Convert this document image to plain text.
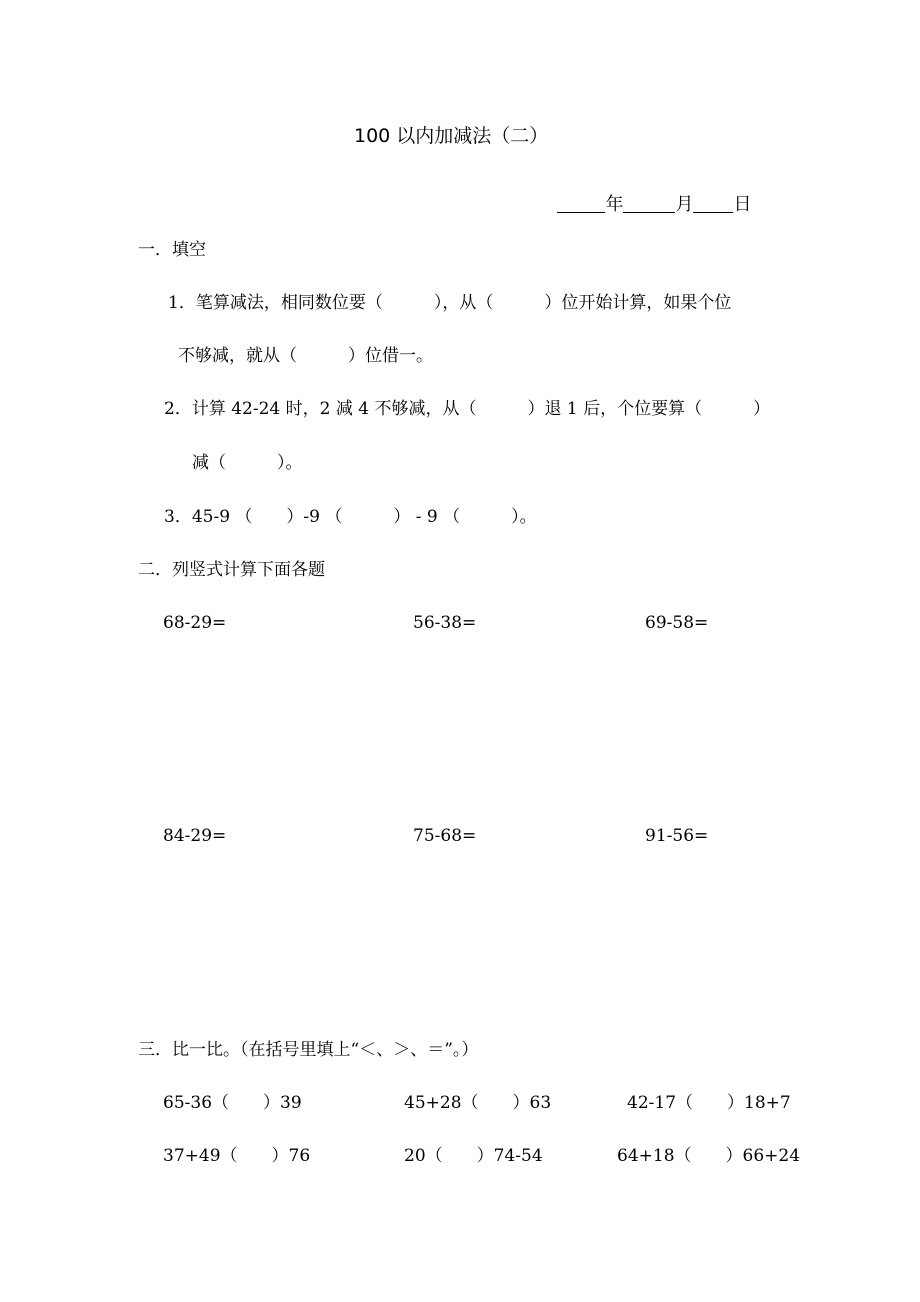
100 以内加减法（二）

年	月 日

一．填空
1．笔算减法，相同数位要（　　　），从（　　　）位开始计算，如果个位
不够减，就从（　　　）位借一。
2．计算 42-24 时，2 减 4 不够减，从（　　　）退 1 后，个位要算（　　　）
减（　　　）。
3．45-9 （　　）-9 （　　　） - 9 （　　　）。
二．列竖式计算下面各题
68-29=	56-38=	69-58=
84-29=	75-68=	91-56=
三．比一比。（在括号里填上“＜、＞、＝”。）
65-36（　　）39	45+28（　　）63	42-17（　　）18+7
37+49（　　）76	20（　　）74-54	64+18（　　）66+24
